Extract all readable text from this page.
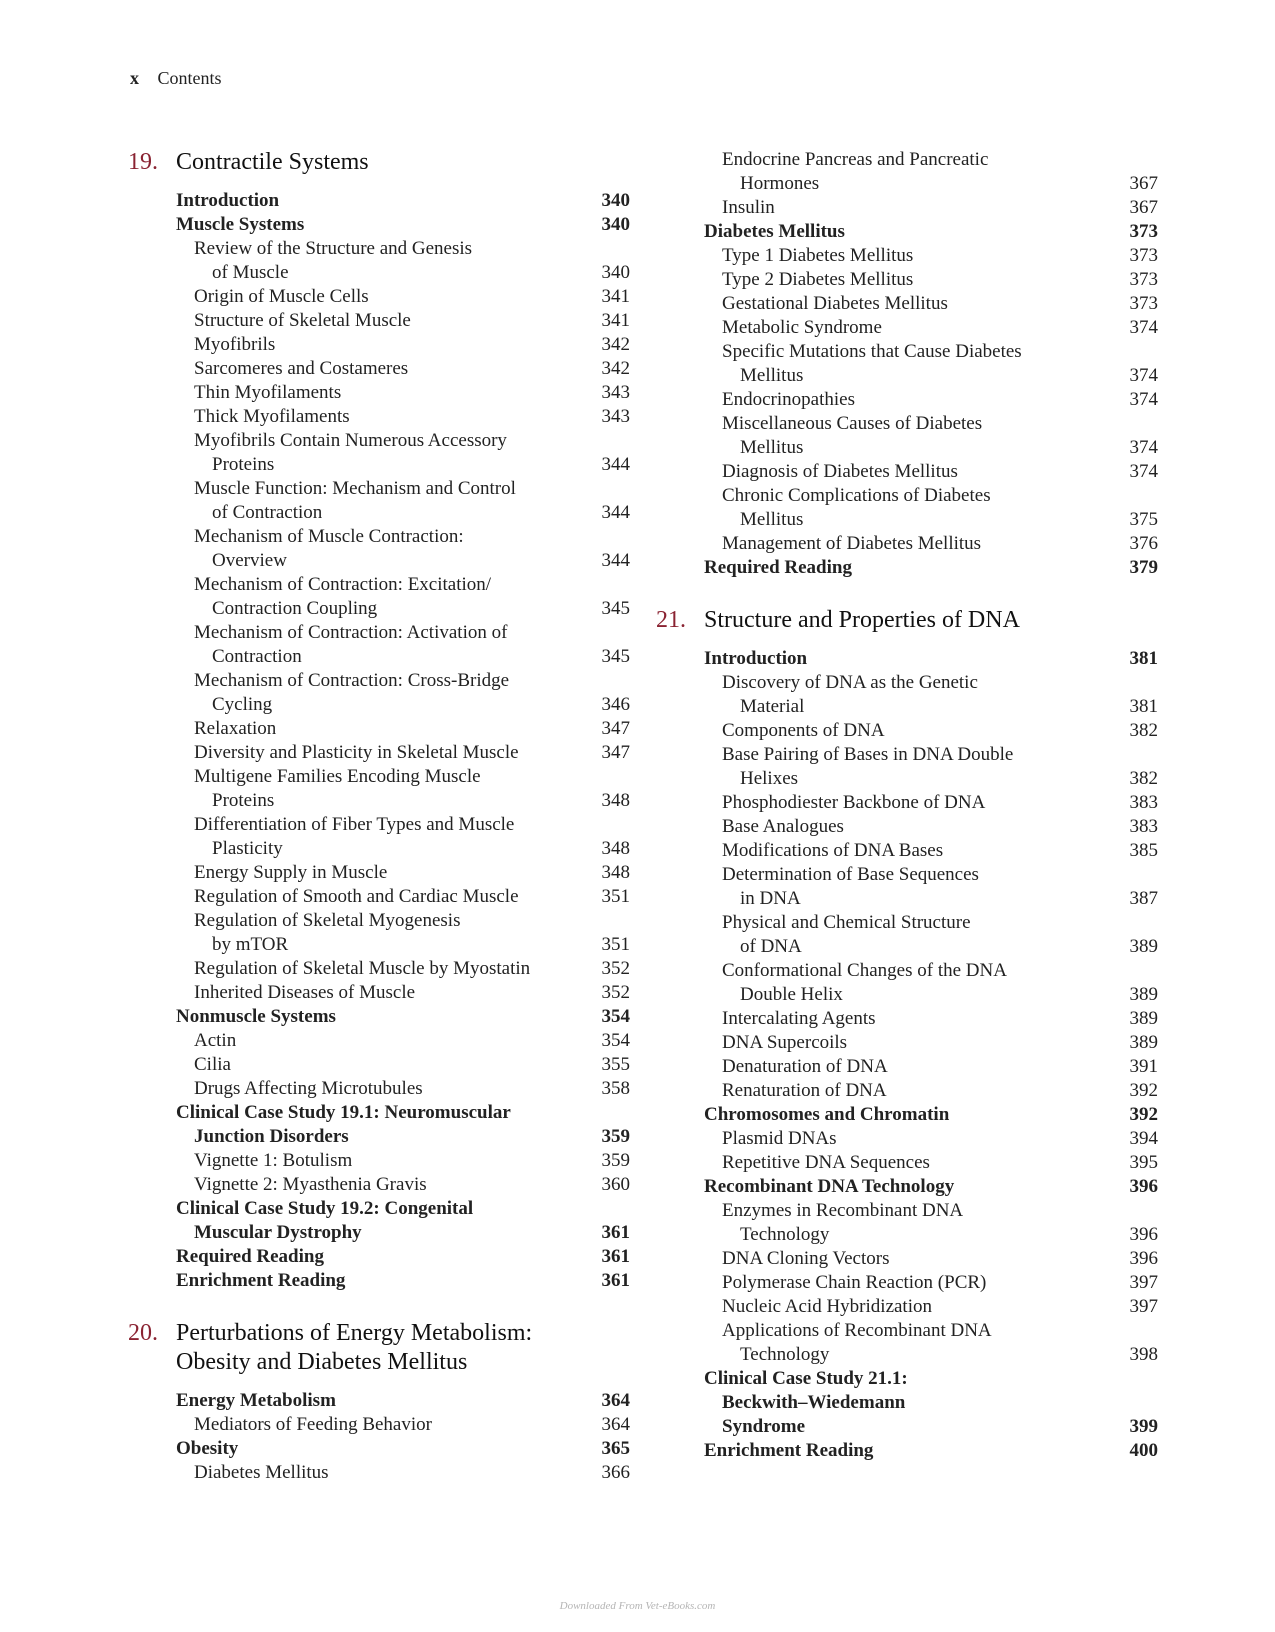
x Contents
19. Contractile Systems
Introduction	340
Muscle Systems	340
Review of the Structure and Genesis
of Muscle	340
Origin of Muscle Cells	341
Structure of Skeletal Muscle	341
Myofibrils	342
Sarcomeres and Costameres	342
Thin Myofilaments	343
Thick Myofilaments	343
Myofibrils Contain Numerous Accessory
Proteins	344
Muscle Function: Mechanism and Control
of Contraction	344
Mechanism of Muscle Contraction:
Overview	344
Mechanism of Contraction: Excitation/
Contraction Coupling	345
Mechanism of Contraction: Activation of
Contraction	345
Mechanism of Contraction: Cross-Bridge
Cycling	346
Relaxation	347
Diversity and Plasticity in Skeletal Muscle	347
Multigene Families Encoding Muscle
Proteins	348
Differentiation of Fiber Types and Muscle
Plasticity	348
Energy Supply in Muscle	348
Regulation of Smooth and Cardiac Muscle	351
Regulation of Skeletal Myogenesis
by mTOR	351
Regulation of Skeletal Muscle by Myostatin	352
Inherited Diseases of Muscle	352
Nonmuscle Systems	354
Actin	354
Cilia	355
Drugs Affecting Microtubules	358
Clinical Case Study 19.1: Neuromuscular
Junction Disorders	359
Vignette 1: Botulism	359
Vignette 2: Myasthenia Gravis	360
Clinical Case Study 19.2: Congenital
Muscular Dystrophy	361
Required Reading	361
Enrichment Reading	361
20. Perturbations of Energy Metabolism:
Obesity and Diabetes Mellitus
Energy Metabolism	364
Mediators of Feeding Behavior	364
Obesity	365
Diabetes Mellitus	366
Endocrine Pancreas and Pancreatic
Hormones	367
Insulin	367
Diabetes Mellitus	373
Type 1 Diabetes Mellitus	373
Type 2 Diabetes Mellitus	373
Gestational Diabetes Mellitus	373
Metabolic Syndrome	374
Specific Mutations that Cause Diabetes
Mellitus	374
Endocrinopathies	374
Miscellaneous Causes of Diabetes
Mellitus	374
Diagnosis of Diabetes Mellitus	374
Chronic Complications of Diabetes
Mellitus	375
Management of Diabetes Mellitus	376
Required Reading	379
21. Structure and Properties of DNA
Introduction	381
Discovery of DNA as the Genetic
Material	381
Components of DNA	382
Base Pairing of Bases in DNA Double
Helixes	382
Phosphodiester Backbone of DNA	383
Base Analogues	383
Modifications of DNA Bases	385
Determination of Base Sequences
in DNA	387
Physical and Chemical Structure
of DNA	389
Conformational Changes of the DNA
Double Helix	389
Intercalating Agents	389
DNA Supercoils	389
Denaturation of DNA	391
Renaturation of DNA	392
Chromosomes and Chromatin	392
Plasmid DNAs	394
Repetitive DNA Sequences	395
Recombinant DNA Technology	396
Enzymes in Recombinant DNA
Technology	396
DNA Cloning Vectors	396
Polymerase Chain Reaction (PCR)	397
Nucleic Acid Hybridization	397
Applications of Recombinant DNA
Technology	398
Clinical Case Study 21.1:
Beckwith–Wiedemann
Syndrome	399
Enrichment Reading	400
Downloaded From Vet-eBooks.com
